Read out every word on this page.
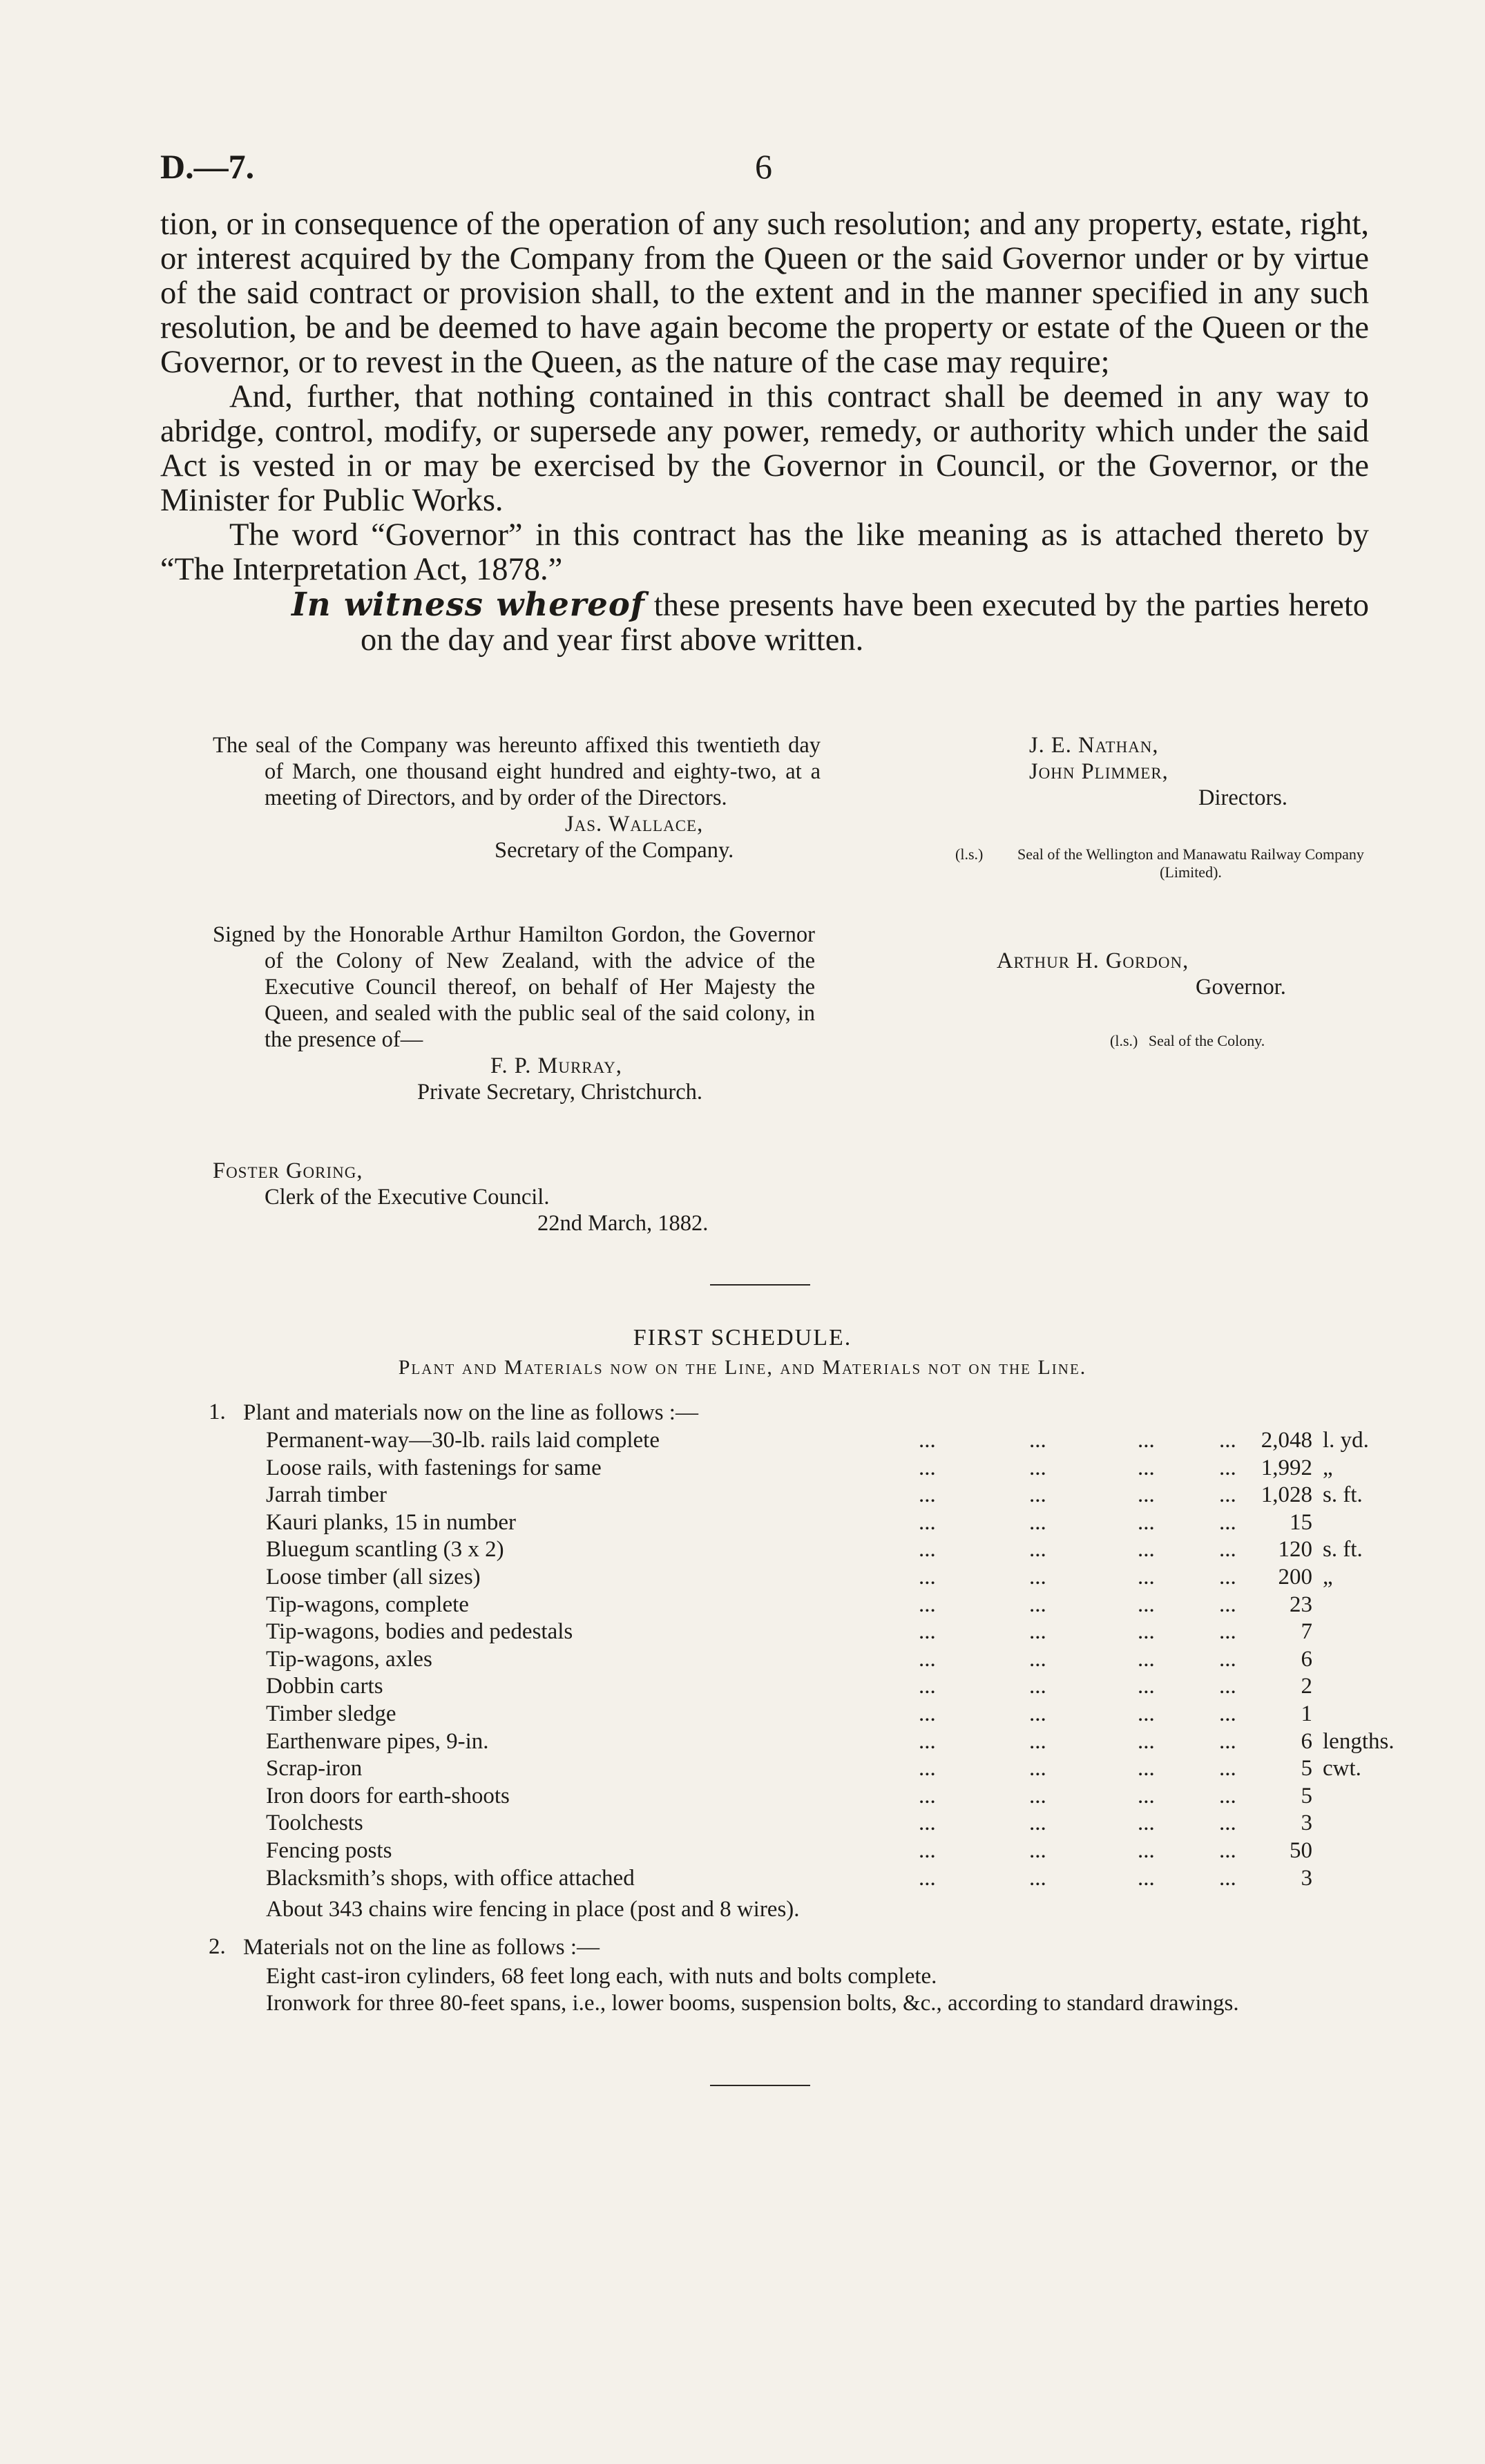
D.—7.	6

tion, or in consequence of the operation of any such resolution; and any property, estate, right, or interest acquired by the Company from the Queen or the said Governor under or by virtue of the said contract or provision shall, to the extent and in the manner specified in any such resolution, be and be deemed to have again become the property or estate of the Queen or the Governor, or to revest in the Queen, as the nature of the case may require;

And, further, that nothing contained in this contract shall be deemed in any way to abridge, control, modify, or supersede any power, remedy, or authority which under the said Act is vested in or may be exercised by the Governor in Council, or the Governor, or the Minister for Public Works.

The word “Governor” in this contract has the like meaning as is attached thereto by “The Interpretation Act, 1878.”

In witness whereof these presents have been executed by the parties hereto on the day and year first above written.

The seal of the Company was hereunto affixed this twentieth day of March, one thousand eight hundred and eighty-two, at a meeting of Directors, and by order of the Directors.

Jas. Wallace,

Secretary of the Company.

J. E. Nathan,

John Plimmer,

Directors.

(l.s.)	Seal of the Wellington and Manawatu Railway Company (Limited).

Signed by the Honorable Arthur Hamilton Gordon, the Governor of the Colony of New Zealand, with the advice of the Executive Council thereof, on behalf of Her Majesty the Queen, and sealed with the public seal of the said colony, in the presence of—

F. P. Murray,

Private Secretary, Christchurch.

Arthur H. Gordon,

Governor.

(l.s.) Seal of the Colony.

Foster Goring,

Clerk of the Executive Council.

22nd March, 1882.

FIRST SCHEDULE.
Plant and Materials now on the Line, and Materials not on the Line.
1. Plant and materials now on the line as follows :—
Permanent-way—30-lb. rails laid complete	...	...	...	... 2,048 l. yd.
Loose rails, with fastenings for same	...	...	...	... 1,992 „
Jarrah timber	...	...	...	... 1,028 s. ft.
Kauri planks, 15 in number	...	...	...	...	15
Bluegum scantling (3 x 2)	...	...	...	...	120 s. ft.
Loose timber (all sizes)	...	...	...	...	200 „
Tip-wagons, complete	...	...	...	...	23
Tip-wagons, bodies and pedestals	...	...	...	...	7
Tip-wagons, axles	...	...	...	...	6
Dobbin carts	...	...	...	...	2
Timber sledge	...	...	...	...	1
Earthenware pipes, 9-in.	...	...	...	...	6 lengths.
Scrap-iron	...	...	...	...	5 cwt.
Iron doors for earth-shoots	...	...	...	...	5
Toolchests	...	...	...	...	3
Fencing posts	...	...	...	...	50
Blacksmith’s shops, with office attached	...	...	...	...	3
About 343 chains wire fencing in place (post and 8 wires).
2. Materials not on the line as follows :—

Eight cast-iron cylinders, 68 feet long each, with nuts and bolts complete.

Ironwork for three 80-feet spans, i.e., lower booms, suspension bolts, &c., according to standard drawings.
